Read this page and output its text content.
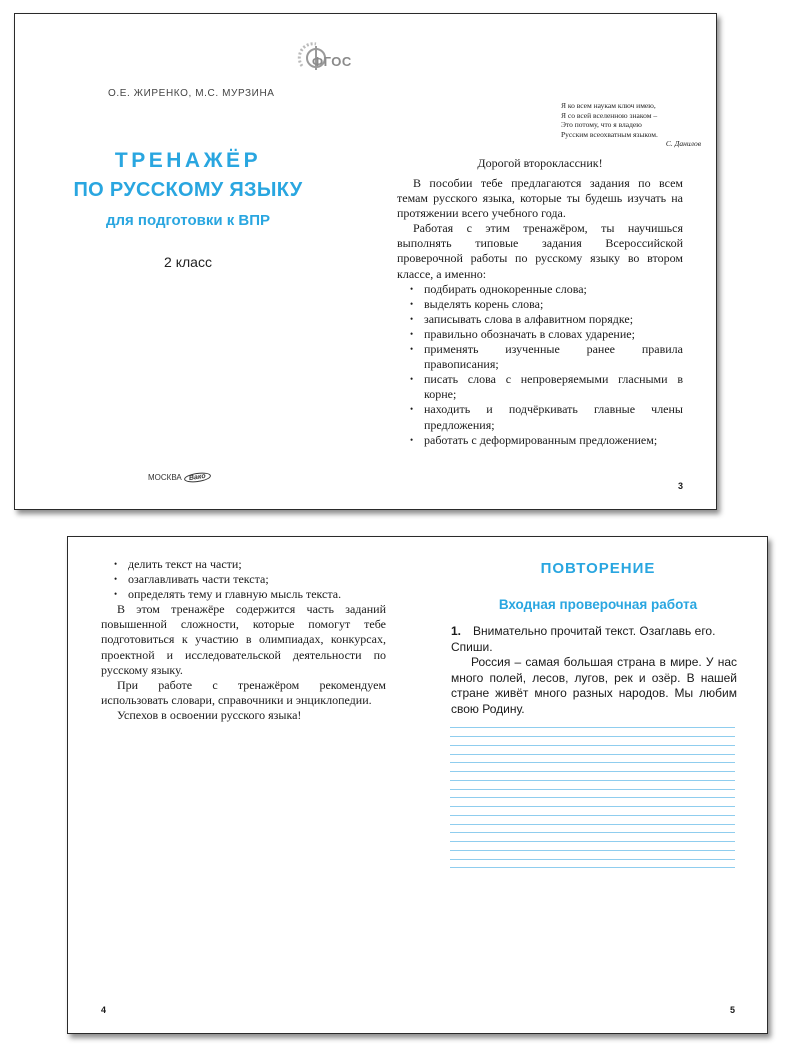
ФГОС
О.Е. ЖИРЕНКО, М.С. МУРЗИНА
ТРЕНАЖЁР
ПО РУССКОМУ ЯЗЫКУ
для подготовки к ВПР
2 класс
МОСКВА Вако
Я ко всем наукам ключ имею,
Я со всей вселенною знаком –
Это потому, что я владею
Русским всеохватным языком.
С. Данилов
Дорогой второклассник!

В пособии тебе предлагаются задания по всем темам русского языка, которые ты будешь изучать на протяжении всего учебного года.

Работая с этим тренажёром, ты научишься выполнять типовые задания Всероссийской проверочной работы по русскому языку во втором классе, а именно:

• подбирать однокоренные слова;
• выделять корень слова;
• записывать слова в алфавитном порядке;
• правильно обозначать в словах ударение;
• применять изученные ранее правила правописания;
• писать слова с непроверяемыми гласными в корне;
• находить и подчёркивать главные члены предложения;
• работать с деформированным предложением;
3
• делить текст на части;
• озаглавливать части текста;
• определять тему и главную мысль текста.

В этом тренажёре содержится часть заданий повышенной сложности, которые помогут тебе подготовиться к участию в олимпиадах, конкурсах, проектной и исследовательской деятельности по русскому языку.

При работе с тренажёром рекомендуем использовать словари, справочники и энциклопедии.

Успехов в освоении русского языка!

4
ПОВТОРЕНИЕ
Входная проверочная работа
1. Внимательно прочитай текст. Озаглавь его. Спиши.

Россия – самая большая страна в мире. У нас много полей, лесов, лугов, рек и озёр. В нашей стране живёт много разных народов. Мы любим свою Родину.

5
